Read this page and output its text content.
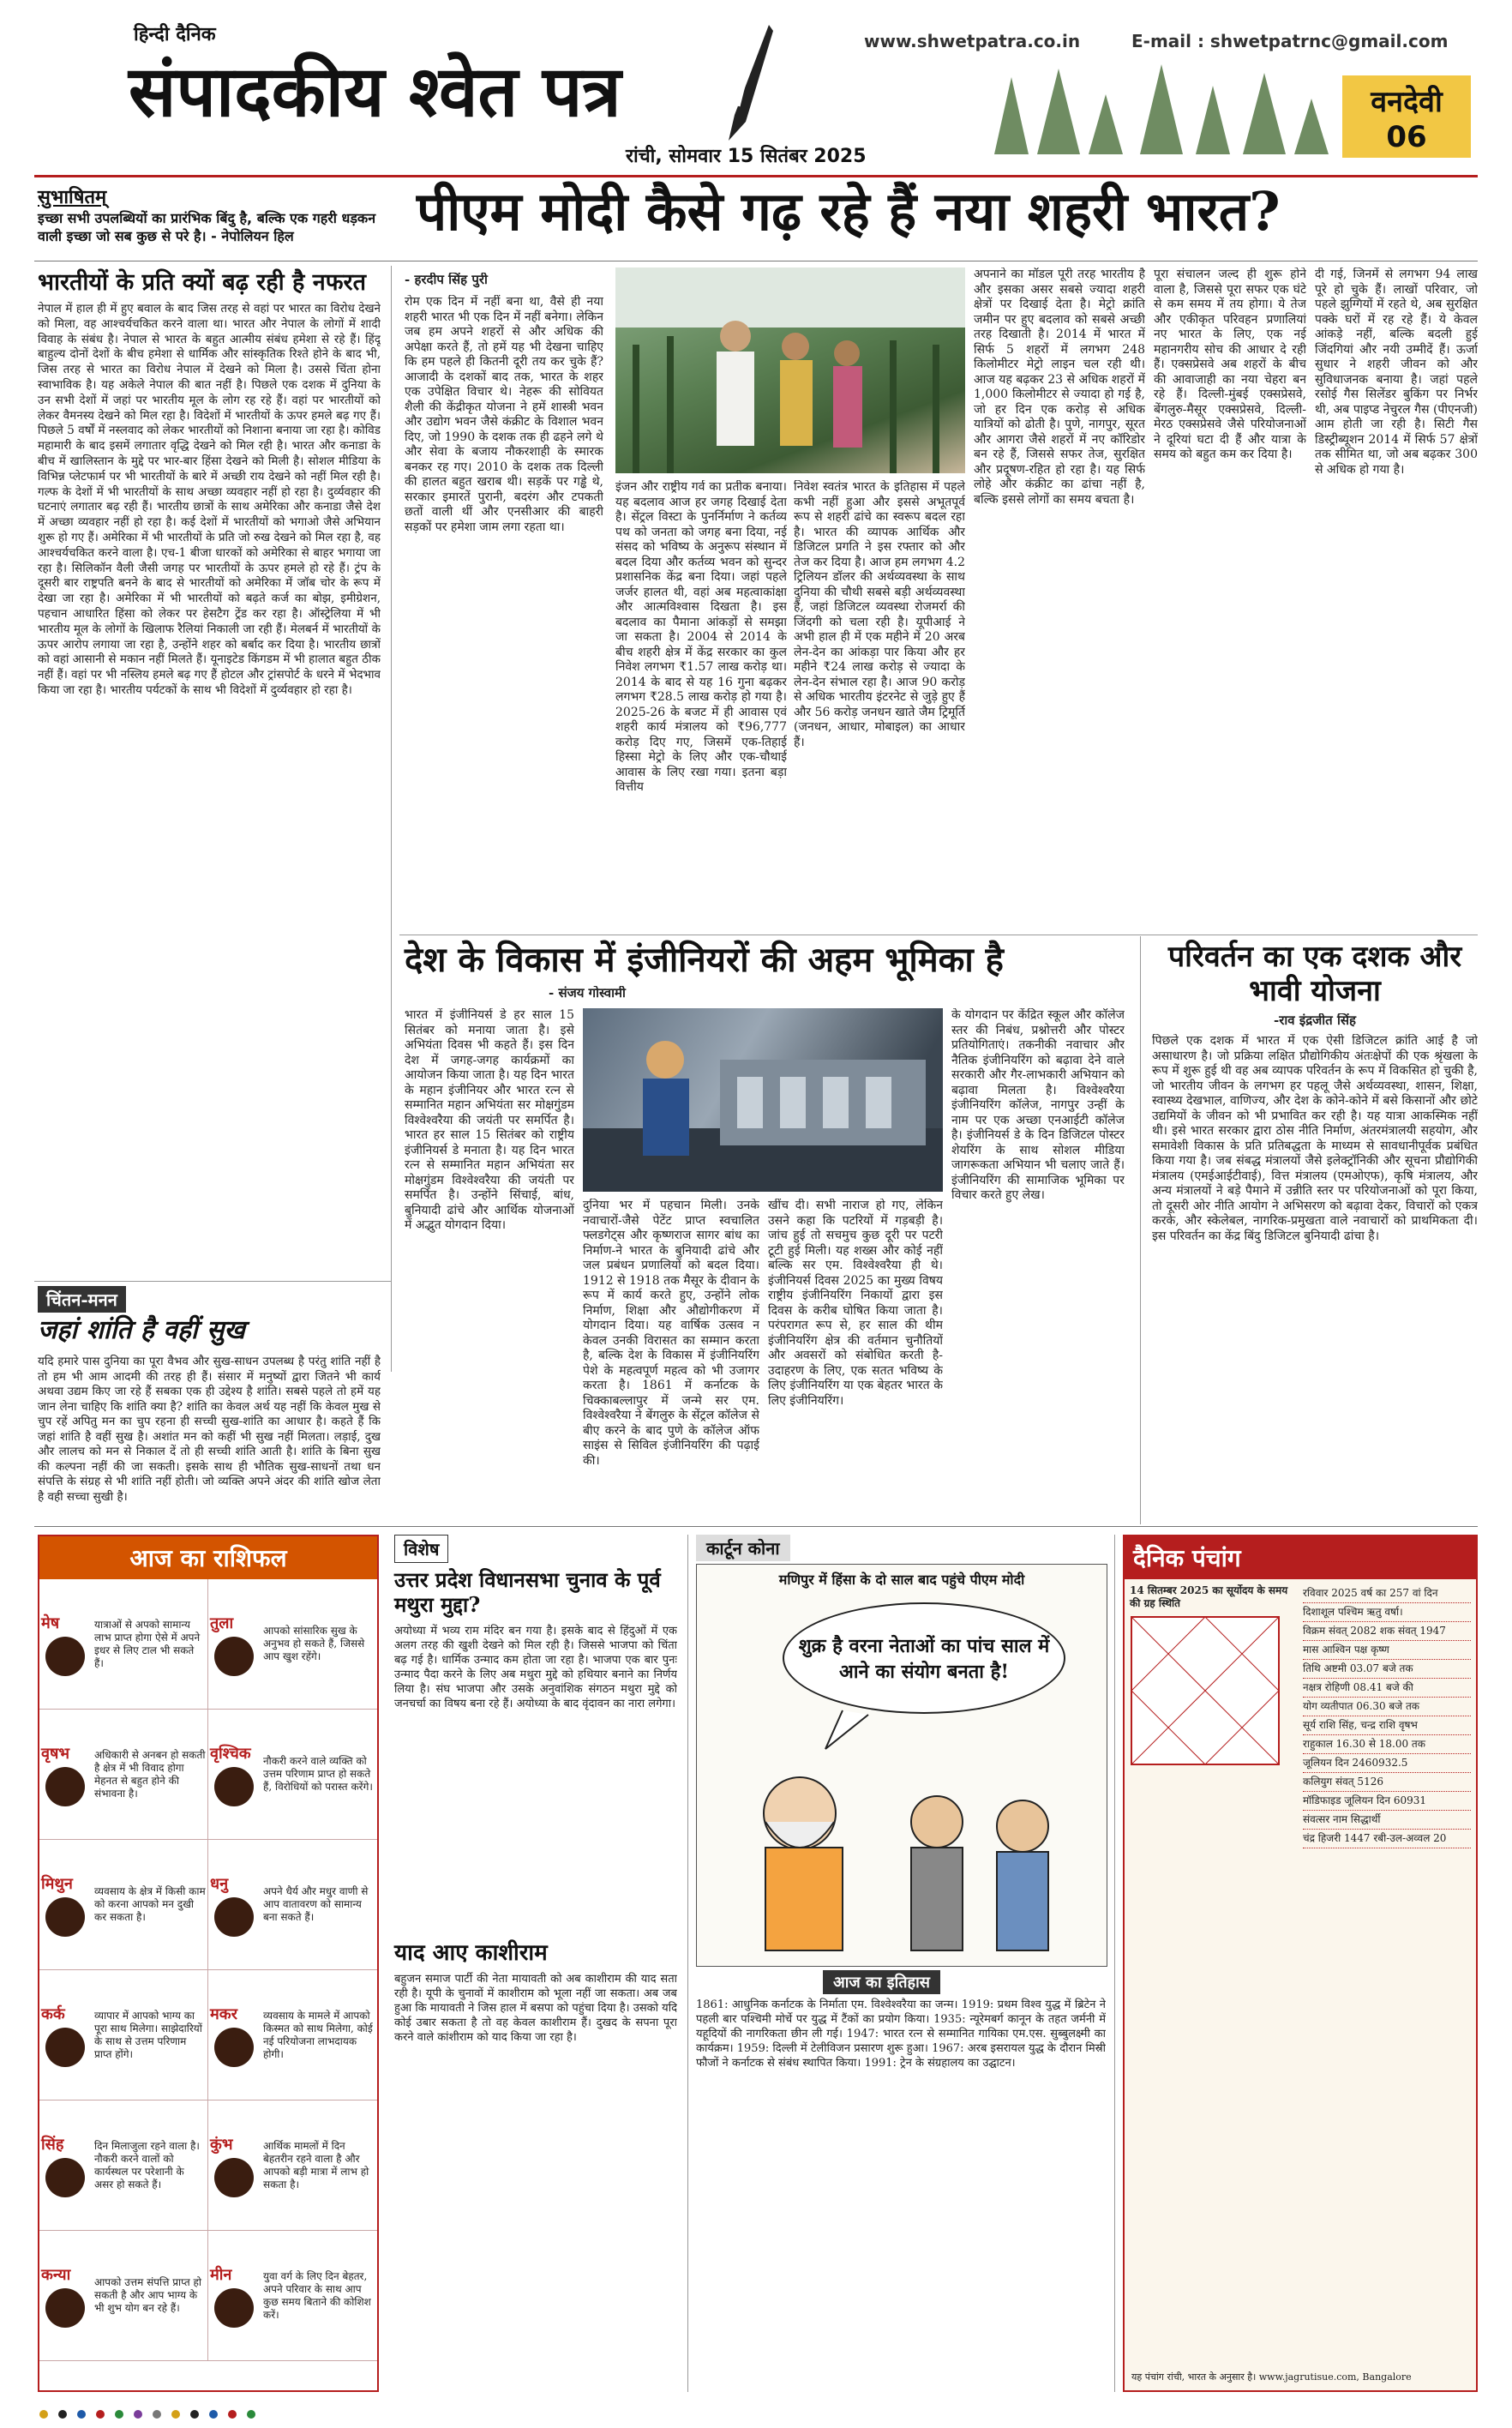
हिन्दी दैनिक
संपादकीय श्वेत पत्र
www.shwetpatra.co.in	E-mail : shwetpatrnc@gmail.com
रांची, सोमवार 15 सितंबर 2025
वनदेवी
06
सुभाषितम्
इच्छा सभी उपलब्धियों का प्रारंभिक बिंदु है, बल्कि एक गहरी धड़कन वाली इच्छा जो सब कुछ से परे है। - नेपोलियन हिल	पीएम मोदी कैसे गढ़ रहे हैं नया शहरी भारत?
भारतीयों के प्रति क्यों बढ़ रही है नफरत
नेपाल में हाल ही में हुए बवाल के बाद जिस तरह से वहां पर भारत का विरोध देखने को मिला, वह आश्चर्यचकित करने वाला था। भारत और नेपाल के लोगों में शादी विवाह के संबंध है। नेपाल से भारत के बहुत आत्मीय संबंध हमेशा से रहे हैं। हिंदू बाहुल्य दोनों देशों के बीच हमेशा से धार्मिक और सांस्कृतिक रिश्ते होने के बाद भी, जिस तरह से भारत का विरोध नेपाल में देखने को मिला है। उससे चिंता होना स्वाभाविक है। यह अकेले नेपाल की बात नहीं है। पिछले एक दशक में दुनिया के उन सभी देशों में जहां पर भारतीय मूल के लोग रह रहे हैं। वहां पर भारतीयों को लेकर वैमनस्य देखने को मिल रहा है। विदेशों में भारतीयों के ऊपर हमले बढ़ गए हैं। पिछले 5 वर्षों में नस्लवाद को लेकर भारतीयों को निशाना बनाया जा रहा है। कोविड महामारी के बाद इसमें लगातार वृद्धि देखने को मिल रही है। भारत और कनाडा के बीच में खालिस्तान के मुद्दे पर भार-बार हिंसा देखने को मिली है। सोशल मीडिया के विभिन्न प्लेटफार्म पर भी भारतीयों के बारे में अच्छी राय देखने को नहीं मिल रही है। गल्फ के देशों में भी भारतीयों के साथ अच्छा व्यवहार नहीं हो रहा है। दुर्व्यवहार की घटनाएं लगातार बढ़ रही हैं। भारतीय छात्रों के साथ अमेरिका और कनाडा जैसे देश में अच्छा व्यवहार नहीं हो रहा है। कई देशों में भारतीयों को भगाओ जैसे अभियान शुरू हो गए हैं। अमेरिका में भी भारतीयों के प्रति जो रुख देखने को मिल रहा है, वह आश्चर्यचकित करने वाला है। एच-1 बीजा धारकों को अमेरिका से बाहर भगाया जा रहा है। सिलिकॉन वैली जैसी जगह पर भारतीयों के ऊपर हमले हो रहे हैं। ट्रंप के दूसरी बार राष्ट्रपति बनने के बाद से भारतीयों को अमेरिका में जॉब चोर के रूप में देखा जा रहा है। अमेरिका में भी भारतीयों को बढ़ते कर्ज का बोझ, इमीग्रेशन, पहचान आधारित हिंसा को लेकर पर हेसटैग ट्रेंड कर रहा है। ऑस्ट्रेलिया में भी भारतीय मूल के लोगों के खिलाफ रैलियां निकाली जा रही हैं। मेलबर्न में भारतीयों के ऊपर आरोप लगाया जा रहा है, उन्होंने शहर को बर्बाद कर दिया है। भारतीय छात्रों को वहां आसानी से मकान नहीं मिलते हैं। यूनाइटेड किंगडम में भी हालात बहुत ठीक नहीं हैं। वहां पर भी नस्लिय हमले बढ़ गए हैं होटल और ट्रांसपोर्ट के धरने में भेदभाव किया जा रहा है। भारतीय पर्यटकों के साथ भी विदेशों में दुर्व्यवहार हो रहा है।
- हरदीप सिंह पुरी
रोम एक दिन में नहीं बना था, वैसे ही नया शहरी भारत भी एक दिन में नहीं बनेगा। लेकिन जब हम अपने शहरों से और अधिक की अपेक्षा करते हैं, तो हमें यह भी देखना चाहिए कि हम पहले ही कितनी दूरी तय कर चुके हैं? आजादी के दशकों बाद तक, भारत के शहर एक उपेक्षित विचार थे। नेहरू की सोवियत शैली की केंद्रीकृत योजना ने हमें शास्त्री भवन और उद्योग भवन जैसे कंक्रीट के विशाल भवन दिए, जो 1990 के दशक तक ही ढहने लगे थे और सेवा के बजाय नौकरशाही के स्मारक बनकर रह गए। 2010 के दशक तक दिल्ली की हालत बहुत खराब थी। सड़कें पर गड्ढे थे, सरकार इमारतें पुरानी, बदरंग और टपकती छतों वाली थीं और एनसीआर की बाहरी सड़कों पर हमेशा जाम लगा रहता था।
इंजन और राष्ट्रीय गर्व का प्रतीक बनाया। यह बदलाव आज हर जगह दिखाई देता है। सेंट्रल विस्टा के पुनर्निर्माण ने कर्तव्य पथ को जनता को जगह बना दिया, नई संसद को भविष्य के अनुरूप संस्थान में बदल दिया और कर्तव्य भवन को सुन्दर प्रशासनिक केंद्र बना दिया। जहां पहले जर्जर हालत थी, वहां अब महत्वाकांक्षा और आत्मविश्वास दिखता है। इस बदलाव का पैमाना आंकड़ों से समझा जा सकता है। 2004 से 2014 के बीच शहरी क्षेत्र में केंद्र सरकार का कुल निवेश लगभग ₹1.57 लाख करोड़ था। 2014 के बाद से यह 16 गुना बढ़कर लगभग ₹28.5 लाख करोड़ हो गया है। 2025-26 के बजट में ही आवास एवं शहरी कार्य मंत्रालय को ₹96,777 करोड़ दिए गए, जिसमें एक-तिहाई हिस्सा मेट्रो के लिए और एक-चौथाई आवास के लिए रखा गया। इतना बड़ा वित्तीय
निवेश स्वतंत्र भारत के इतिहास में पहले कभी नहीं हुआ और इससे अभूतपूर्व रूप से शहरी ढांचे का स्वरूप बदल रहा है। भारत की व्यापक आर्थिक और डिजिटल प्रगति ने इस रफ्तार को और तेज कर दिया है। आज हम लगभग 4.2 ट्रिलियन डॉलर की अर्थव्यवस्था के साथ दुनिया की चौथी सबसे बड़ी अर्थव्यवस्था हैं, जहां डिजिटल व्यवस्था रोजमर्रा की जिंदगी को चला रही है। यूपीआई ने अभी हाल ही में एक महीने में 20 अरब लेन-देन का आंकड़ा पार किया और हर महीने ₹24 लाख करोड़ से ज्यादा के लेन-देन संभाल रहा है। आज 90 करोड़ से अधिक भारतीय इंटरनेट से जुड़े हुए हैं और 56 करोड़ जनधन खाते जैम ट्रिमूर्ति (जनधन, आधार, मोबाइल) का आधार हैं।
अपनाने का मॉडल पूरी तरह भारतीय है और इसका असर सबसे ज्यादा शहरी क्षेत्रों पर दिखाई देता है। मेट्रो क्रांति जमीन पर हुए बदलाव को सबसे अच्छी तरह दिखाती है। 2014 में भारत में सिर्फ 5 शहरों में लगभग 248 किलोमीटर मेट्रो लाइन चल रही थी। आज यह बढ़कर 23 से अधिक शहरों में 1,000 किलोमीटर से ज्यादा हो गई है, जो हर दिन एक करोड़ से अधिक यात्रियों को ढोती है। पुणे, नागपुर, सूरत और आगरा जैसे शहरों में नए कॉरिडोर बन रहे हैं, जिससे सफर तेज, सुरक्षित और प्रदूषण-रहित हो रहा है। यह सिर्फ लोहे और कंक्रीट का ढांचा नहीं है, बल्कि इससे लोगों का समय बचता है।
पूरा संचालन जल्द ही शुरू होने वाला है, जिससे पूरा सफर एक घंटे से कम समय में तय होगा। ये तेज और एकीकृत परिवहन प्रणालियां नए भारत के लिए, एक नई महानगरीय सोच की आधार दे रही हैं। एक्सप्रेसवे अब शहरों के बीच की आवाजाही का नया चेहरा बन रहे हैं। दिल्ली-मुंबई एक्सप्रेसवे, बेंगलुरु-मैसूर एक्सप्रेसवे, दिल्ली-मेरठ एक्सप्रेसवे जैसे परियोजनाओं ने दूरियां घटा दी हैं और यात्रा के समय को बहुत कम कर दिया है।
दी गई, जिनमें से लगभग 94 लाख पूरे हो चुके हैं। लाखों परिवार, जो पहले झुग्गियों में रहते थे, अब सुरक्षित पक्के घरों में रह रहे हैं। ये केवल आंकड़े नहीं, बल्कि बदली हुई जिंदगियां और नयी उम्मीदें हैं। ऊर्जा सुधार ने शहरी जीवन को और सुविधाजनक बनाया है। जहां पहले रसोई गैस सिलेंडर बुकिंग पर निर्भर थी, अब पाइप्ड नेचुरल गैस (पीएनजी) आम होती जा रही है। सिटी गैस डिस्ट्रीब्यूशन 2014 में सिर्फ 57 क्षेत्रों तक सीमित था, जो अब बढ़कर 300 से अधिक हो गया है।
देश के विकास में इंजीनियरों की अहम भूमिका है
- संजय गोस्वामी
भारत में इंजीनियर्स डे हर साल 15 सितंबर को मनाया जाता है। इसे अभियंता दिवस भी कहते हैं। इस दिन देश में जगह-जगह कार्यक्रमों का आयोजन किया जाता है। यह दिन भारत के महान इंजीनियर और भारत रत्न से सम्मानित महान अभियंता सर मोक्षगुंडम विश्वेश्वरैया की जयंती पर समर्पित है। भारत हर साल 15 सितंबर को राष्ट्रीय इंजीनियर्स डे मनाता है। यह दिन भारत रत्न से सम्मानित महान अभियंता सर मोक्षगुंडम विश्वेश्वरैया की जयंती पर समर्पित है। उन्होंने सिंचाई, बांध, बुनियादी ढांचे और आर्थिक योजनाओं में अद्भुत योगदान दिया।
दुनिया भर में पहचान मिली। उनके नवाचारों-जैसे पेटेंट प्राप्त स्वचालित फ्लडगेट्स और कृष्णराज सागर बांध का निर्माण-ने भारत के बुनियादी ढांचे और जल प्रबंधन प्रणालियों को बदल दिया। 1912 से 1918 तक मैसूर के दीवान के रूप में कार्य करते हुए, उन्होंने लोक निर्माण, शिक्षा और औद्योगीकरण में योगदान दिया। यह वार्षिक उत्सव न केवल उनकी विरासत का सम्मान करता है, बल्कि देश के विकास में इंजीनियरिंग पेशे के महत्वपूर्ण महत्व को भी उजागर करता है। 1861 में कर्नाटक के चिक्काबल्लापुर में जन्मे सर एम. विश्वेश्वरैया ने बेंगलुरु के सेंट्रल कॉलेज से बीए करने के बाद पुणे के कॉलेज ऑफ साइंस से सिविल इंजीनियरिंग की पढ़ाई की।
खींच दी। सभी नाराज हो गए, लेकिन उसने कहा कि पटरियों में गड़बड़ी है। जांच हुई तो सचमुच कुछ दूरी पर पटरी टूटी हुई मिली। यह शख्स और कोई नहीं बल्कि सर एम. विश्वेश्वरैया ही थे। इंजीनियर्स दिवस 2025 का मुख्य विषय राष्ट्रीय इंजीनियरिंग निकायों द्वारा इस दिवस के करीब घोषित किया जाता है। परंपरागत रूप से, हर साल की थीम इंजीनियरिंग क्षेत्र की वर्तमान चुनौतियों और अवसरों को संबोधित करती है- उदाहरण के लिए, एक सतत भविष्य के लिए इंजीनियरिंग या एक बेहतर भारत के लिए इंजीनियरिंग।
के योगदान पर केंद्रित स्कूल और कॉलेज स्तर की निबंध, प्रश्नोत्तरी और पोस्टर प्रतियोगिताएं। तकनीकी नवाचार और नैतिक इंजीनियरिंग को बढ़ावा देने वाले सरकारी और गैर-लाभकारी अभियान को बढ़ावा मिलता है। विश्वेश्वरैया इंजीनियरिंग कॉलेज, नागपुर उन्हीं के नाम पर एक अच्छा एनआईटी कॉलेज है। इंजीनियर्स डे के दिन डिजिटल पोस्टर शेयरिंग के साथ सोशल मीडिया जागरूकता अभियान भी चलाए जाते हैं। इंजीनियरिंग की सामाजिक भूमिका पर विचार करते हुए लेख।
परिवर्तन का एक दशक और भावी योजना
-राव इंद्रजीत सिंह
पिछले एक दशक में भारत में एक ऐसी डिजिटल क्रांति आई है जो असाधारण है। जो प्रक्रिया लक्षित प्रौद्योगिकीय अंतःक्षेपों की एक श्रृंखला के रूप में शुरू हुई थी वह अब व्यापक परिवर्तन के रूप में विकसित हो चुकी है, जो भारतीय जीवन के लगभग हर पहलू जैसे अर्थव्यवस्था, शासन, शिक्षा, स्वास्थ्य देखभाल, वाणिज्य, और देश के कोने-कोने में बसे किसानों और छोटे उद्यमियों के जीवन को भी प्रभावित कर रही है। यह यात्रा आकस्मिक नहीं थी। इसे भारत सरकार द्वारा ठोस नीति निर्माण, अंतरमंत्रालयी सहयोग, और समावेशी विकास के प्रति प्रतिबद्धता के माध्यम से सावधानीपूर्वक प्रबंधित किया गया है। जब संबद्ध मंत्रालयों जैसे इलेक्ट्रॉनिकी और सूचना प्रौद्योगिकी मंत्रालय (एमईआईटीवाई), वित्त मंत्रालय (एमओएफ), कृषि मंत्रालय, और अन्य मंत्रालयों ने बड़े पैमाने में उन्नीति स्तर पर परियोजनाओं को पूरा किया, तो दूसरी ओर नीति आयोग ने अभिसरण को बढ़ावा देकर, विचारों को एकत्र करके, और स्केलेबल, नागरिक-प्रमुखता वाले नवाचारों को प्राथमिकता दी। इस परिवर्तन का केंद्र बिंदु डिजिटल बुनियादी ढांचा है।
चिंतन-मनन
जहां शांति है वहीं सुख
यदि हमारे पास दुनिया का पूरा वैभव और सुख-साधन उपलब्ध है परंतु शांति नहीं है तो हम भी आम आदमी की तरह ही हैं। संसार में मनुष्यों द्वारा जितने भी कार्य अथवा उद्यम किए जा रहे हैं सबका एक ही उद्देश्य है शांति। सबसे पहले तो हमें यह जान लेना चाहिए कि शांति क्या है? शांति का केवल अर्थ यह नहीं कि केवल मुख से चुप रहें अपितु मन का चुप रहना ही सच्ची सुख-शांति का आधार है। कहते हैं कि जहां शांति है वहीं सुख है। अशांत मन को कहीं भी सुख नहीं मिलता। लड़ाई, दुख और लालच को मन से निकाल दें तो ही सच्ची शांति आती है। शांति के बिना सुख की कल्पना नहीं की जा सकती। इसके साथ ही भौतिक सुख-साधनों तथा धन संपत्ति के संग्रह से भी शांति नहीं होती। जो व्यक्ति अपने अंदर की शांति खोज लेता है वही सच्चा सुखी है।
आज का राशिफल
मेष	यात्राओं से अपको सामान्य लाभ प्राप्त होगा ऐसे में अपने इधर से लिए टाल भी सकते हैं।
तुला	आपको सांसारिक सुख के अनुभव हो सकते हैं, जिससे आप खुश रहेंगे।
वृषभ	अधिकारी से अनबन हो सकती है क्षेत्र में भी विवाद होगा मेहनत से बहुत होने की संभावना है।
वृश्चिक	नौकरी करने वाले व्यक्ति को उत्तम परिणाम प्राप्त हो सकते हैं, विरोधियों को परास्त करेंगे।
मिथुन	व्यवसाय के क्षेत्र में किसी काम को करना आपको मन दुखी कर सकता है।
धनु	अपने धैर्य और मधुर वाणी से आप वातावरण को सामान्य बना सकते हैं।
कर्क	व्यापार में आपको भाग्य का पूरा साथ मिलेगा। साझेदारियों के साथ से उत्तम परिणाम प्राप्त होंगे।
मकर	व्यवसाय के मामले में आपको किस्मत को साथ मिलेगा, कोई नई परियोजना लाभदायक होगी।
सिंह	दिन मिलाजुला रहने वाला है। नौकरी करने वालों को कार्यस्थल पर परेशानी के असर हो सकते हैं।
कुंभ	आर्थिक मामलों में दिन बेहतरीन रहने वाला है और आपको बड़ी मात्रा में लाभ हो सकता है।
कन्या	आपको उत्तम संपत्ति प्राप्त हो सकती है और आप भाग्य के भी शुभ योग बन रहे हैं।
मीन	युवा वर्ग के लिए दिन बेहतर, अपने परिवार के साथ आप कुछ समय बिताने की कोशिश करें।
विशेष
उत्तर प्रदेश विधानसभा चुनाव के पूर्व मथुरा मुद्दा?
अयोध्या में भव्य राम मंदिर बन गया है। इसके बाद से हिंदुओं में एक अलग तरह की खुशी देखने को मिल रही है। जिससे भाजपा को चिंता बढ़ गई है। धार्मिक उन्माद कम होता जा रहा है। भाजपा एक बार पुनः उन्माद पैदा करने के लिए अब मथुरा मुद्दे को हथियार बनाने का निर्णय लिया है। संघ भाजपा और उसके अनुवांशिक संगठन मथुरा मुद्दे को जनचर्चा का विषय बना रहे हैं। अयोध्या के बाद वृंदावन का नारा लगेगा।
याद आए काशीराम
बहुजन समाज पार्टी की नेता मायावती को अब काशीराम की याद सता रही है। यूपी के चुनावों में काशीराम को भूला नहीं जा सकता। अब जब हुआ कि मायावती ने जिस हाल में बसपा को पहुंचा दिया है। उसको यदि कोई उबार सकता है तो वह केवल काशीराम हैं। दुखद के सपना पूरा करने वाले कांशीराम को याद किया जा रहा है।
कार्टून कोना
मणिपुर में हिंसा के दो साल बाद पहुंचे पीएम मोदी
शुक्र है वरना नेताओं का पांच साल में आने का संयोग बनता है!
आज का इतिहास
1861: आधुनिक कर्नाटक के निर्माता एम. विश्वेश्वरैया का जन्म। 1919: प्रथम विश्व युद्ध में ब्रिटेन ने पहली बार पश्चिमी मोर्चे पर युद्ध में टैंकों का प्रयोग किया। 1935: न्यूरेमबर्ग कानून के तहत जर्मनी में यहूदियों की नागरिकता छीन ली गई। 1947: भारत रत्न से सम्मानित गायिका एम.एस. सुब्बुलक्ष्मी का कार्यक्रम। 1959: दिल्ली में टेलीविजन प्रसारण शुरू हुआ। 1967: अरब इसरायल युद्ध के दौरान मिस्री फौजों ने कर्नाटक से संबंध स्थापित किया। 1991: ट्रेन के संग्रहालय का उद्घाटन।
दैनिक पंचांग
14 सितम्बर 2025 का सूर्योदय के समय की ग्रह स्थिति
रविवार 2025 वर्ष का 257 वां दिन
दिशाशूल पश्चिम ऋतु वर्षा।
विक्रम संवत् 2082 शक संवत् 1947
मास आश्विन पक्ष कृष्ण
तिथि अष्टमी 03.07 बजे तक
नक्षत्र रोहिणी 08.41 बजे की
योग व्यतीपात 06.30 बजे तक
सूर्य राशि सिंह, चन्द्र राशि वृषभ
राहुकाल 16.30 से 18.00 तक
जूलियन दिन 2460932.5
कलियुग संवत् 5126
मॉडिफाइड जूलियन दिन 60931
संवत्सर नाम सिद्धार्थी
चंद्र हिजरी 1447 रबी-उल-अव्वल 20
यह पंचांग रांची, भारत के अनुसार है। www.jagrutisue.com, Bangalore
